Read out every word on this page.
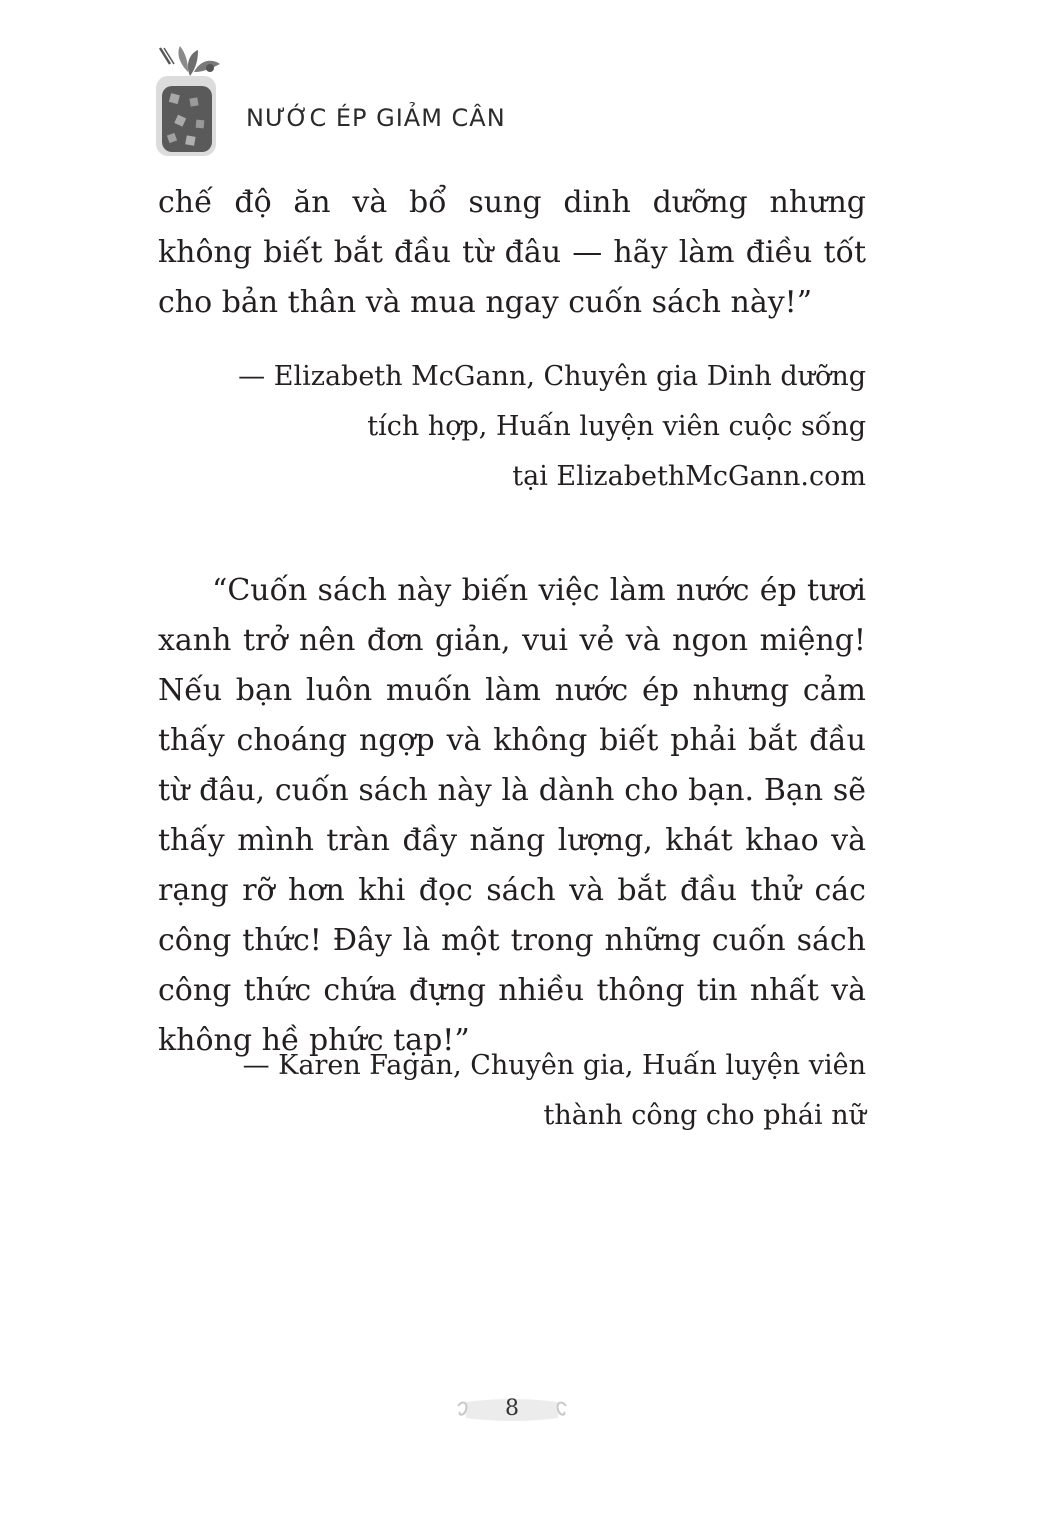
NƯỚC ÉP GIẢM CÂN

chế độ ăn và bổ sung dinh dưỡng nhưng không biết bắt đầu từ đâu — hãy làm điều tốt cho bản thân và mua ngay cuốn sách này!”

— Elizabeth McGann, Chuyên gia Dinh dưỡng
tích hợp, Huấn luyện viên cuộc sống
tại ElizabethMcGann.com

“Cuốn sách này biến việc làm nước ép tươi xanh trở nên đơn giản, vui vẻ và ngon miệng! Nếu bạn luôn muốn làm nước ép nhưng cảm thấy choáng ngợp và không biết phải bắt đầu từ đâu, cuốn sách này là dành cho bạn. Bạn sẽ thấy mình tràn đầy năng lượng, khát khao và rạng rỡ hơn khi đọc sách và bắt đầu thử các công thức! Đây là một trong những cuốn sách công thức chứa đựng nhiều thông tin nhất và không hề phức tạp!”

— Karen Fagan, Chuyên gia, Huấn luyện viên
thành công cho phái nữ
8
